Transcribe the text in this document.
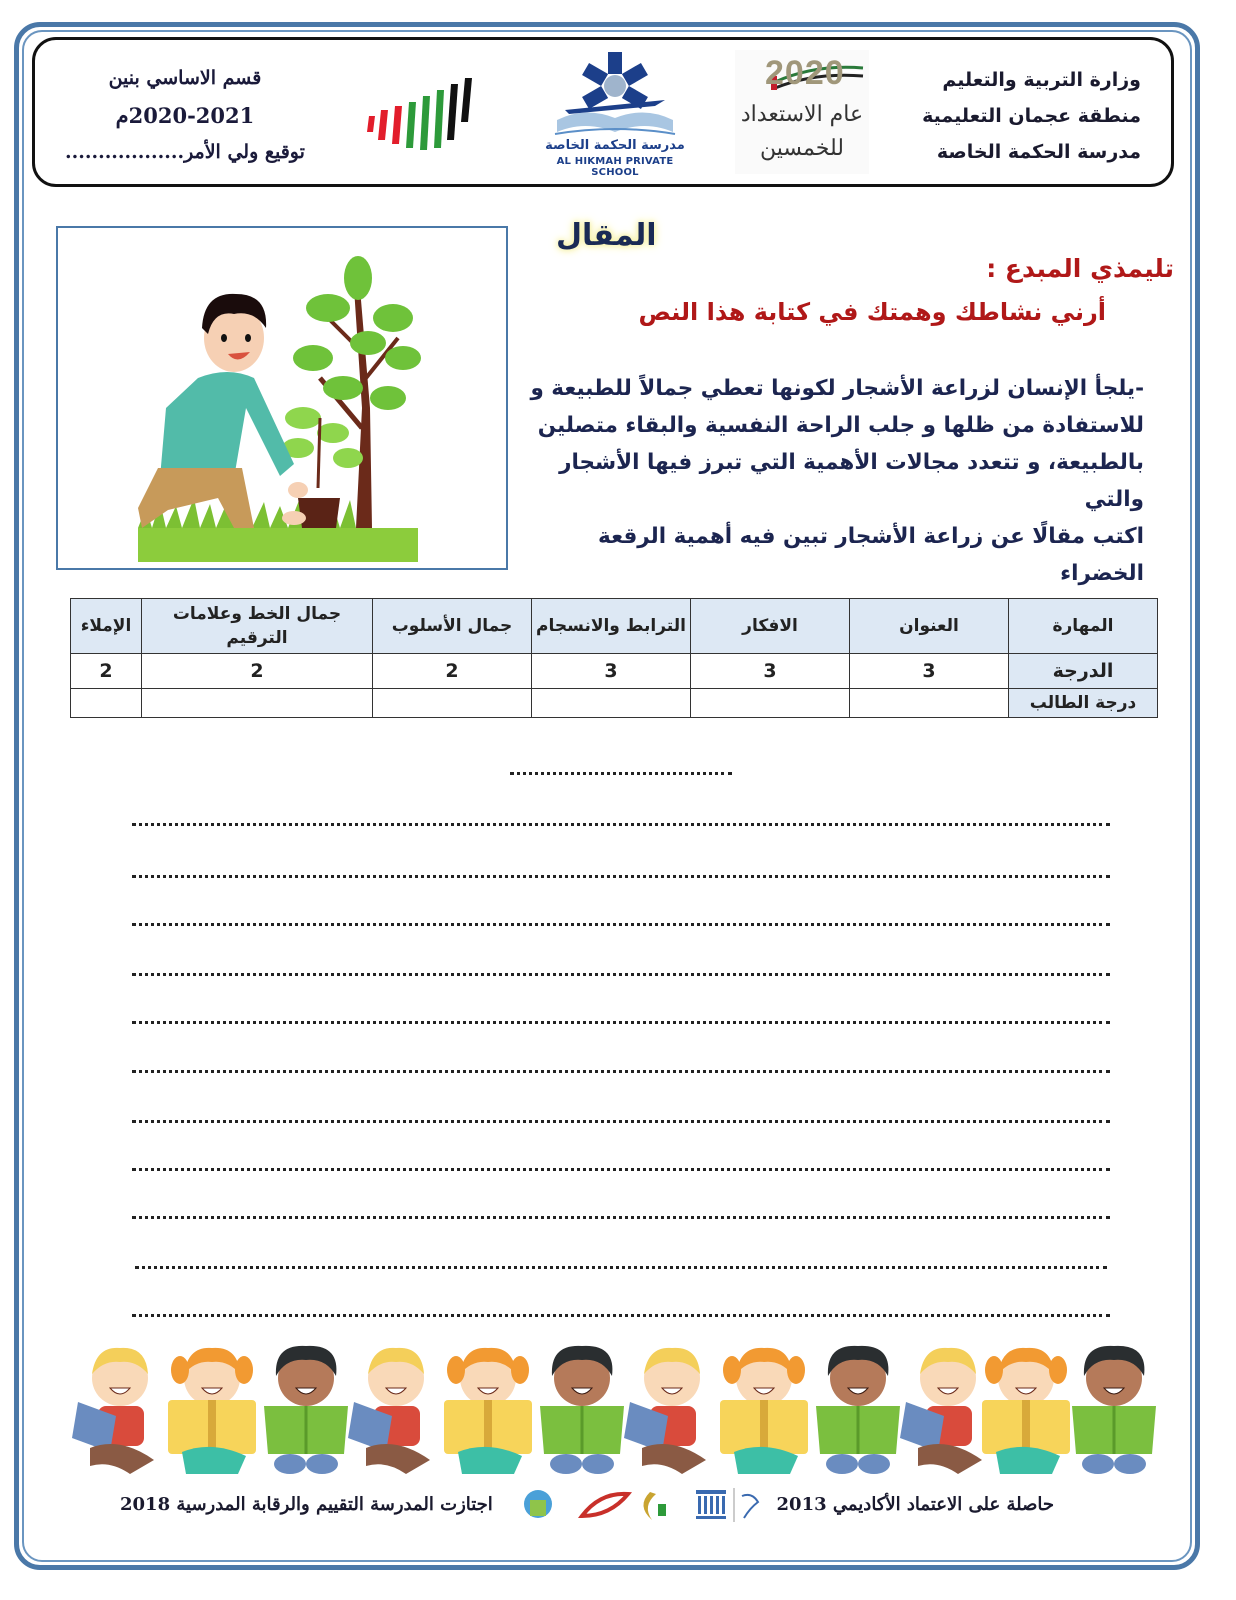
وزارة التربية والتعليم
منطقة عجمان التعليمية
مدرسة الحكمة الخاصة
2020
عام الاستعداد
للخمسين
مدرسة الحكمة الخاصة
AL HIKMAH PRIVATE SCHOOL
قسم الاساسي بنين
2020-2021م
توقيع ولي الأمر..................
المقال
تليمذي المبدع :
أرني نشاطك وهمتك في كتابة هذا النص

-يلجأ الإنسان لزراعة الأشجار لكونها تعطي جمالاً للطبيعة و

للاستفادة من ظلها و جلب الراحة النفسية والبقاء متصلين

بالطبيعة، و تتعدد مجالات الأهمية التي تبرز فيها الأشجار

والتي

اكتب مقالًا عن زراعة الأشجار تبين فيه أهمية الرقعة

الخضراء

المهارة	العنوان	الافكار	الترابط والانسجام	جمال الأسلوب	جمال الخط وعلامات الترقيم	الإملاء
الدرجة	3	3	3	2	2	2
درجة الطالب						
حاصلة على الاعتماد الأكاديمي 2013
اجتازت المدرسة التقييم والرقابة المدرسية 2018
